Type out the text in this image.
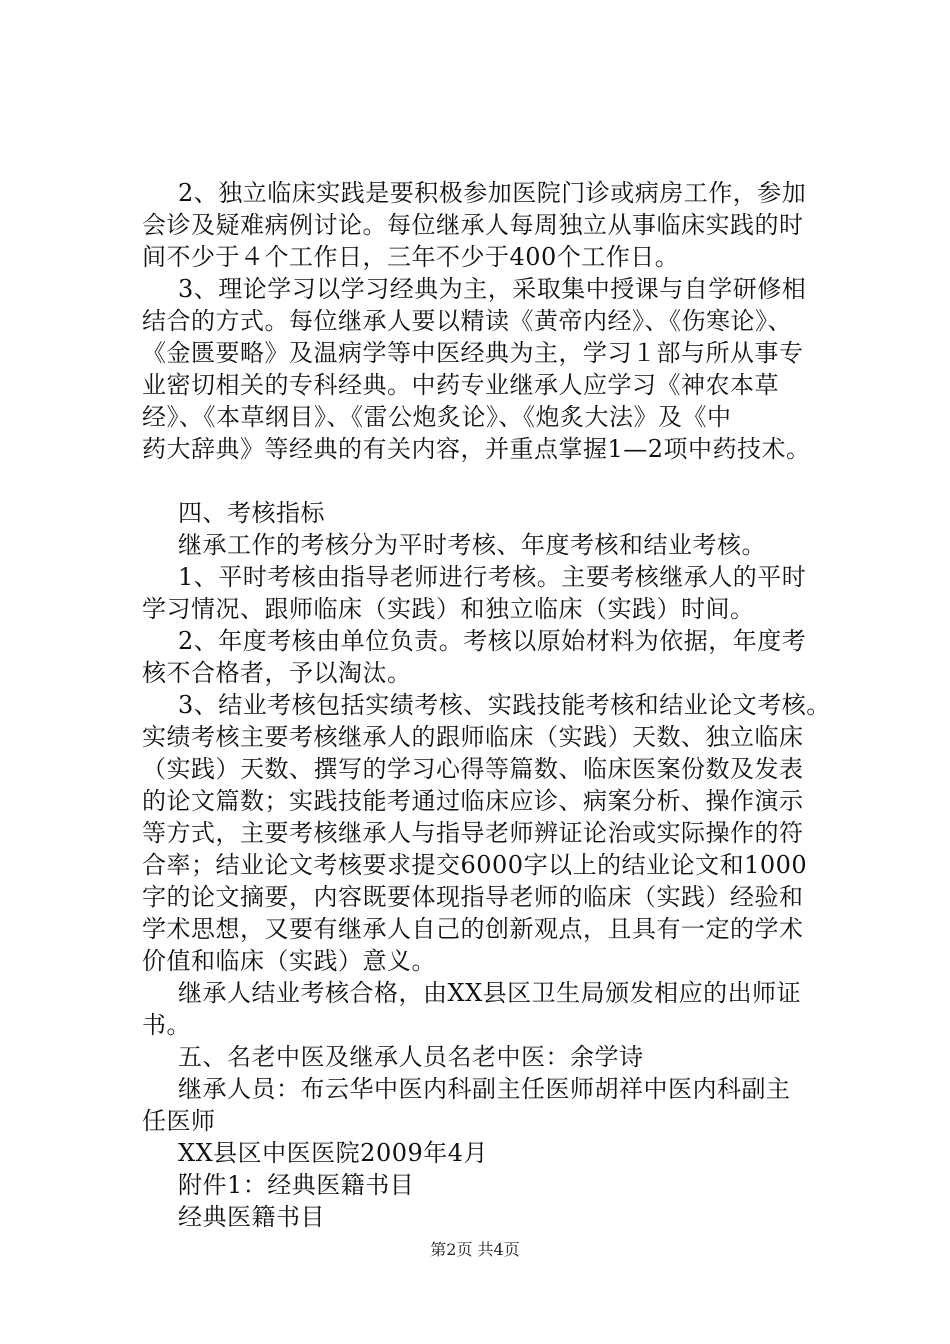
2、独立临床实践是要积极参加医院门诊或病房工作，参加
会诊及疑难病例讨论。每位继承人每周独立从事临床实践的时
间不少于４个工作日，三年不少于400个工作日。
3、理论学习以学习经典为主，采取集中授课与自学研修相
结合的方式。每位继承人要以精读《黄帝内经》、《伤寒论》、
《金匮要略》及温病学等中医经典为主，学习１部与所从事专
业密切相关的专科经典。中药专业继承人应学习《神农本草
经》、《本草纲目》、《雷公炮炙论》、《炮炙大法》及《中
药大辞典》等经典的有关内容，并重点掌握1—2项中药技术。
四、考核指标
继承工作的考核分为平时考核、年度考核和结业考核。
1、平时考核由指导老师进行考核。主要考核继承人的平时
学习情况、跟师临床（实践）和独立临床（实践）时间。
2、年度考核由单位负责。考核以原始材料为依据，年度考
核不合格者，予以淘汰。
3、结业考核包括实绩考核、实践技能考核和结业论文考核。
实绩考核主要考核继承人的跟师临床（实践）天数、独立临床
（实践）天数、撰写的学习心得等篇数、临床医案份数及发表
的论文篇数；实践技能考通过临床应诊、病案分析、操作演示
等方式，主要考核继承人与指导老师辨证论治或实际操作的符
合率；结业论文考核要求提交6000字以上的结业论文和1000
字的论文摘要，内容既要体现指导老师的临床（实践）经验和
学术思想，又要有继承人自己的创新观点，且具有一定的学术
价值和临床（实践）意义。
继承人结业考核合格，由XX县区卫生局颁发相应的出师证
书。
五、名老中医及继承人员名老中医：余学诗
继承人员：布云华中医内科副主任医师胡祥中医内科副主
任医师
XX县区中医医院2009年4月
附件1：经典医籍书目
经典医籍书目
第2页 共4页
